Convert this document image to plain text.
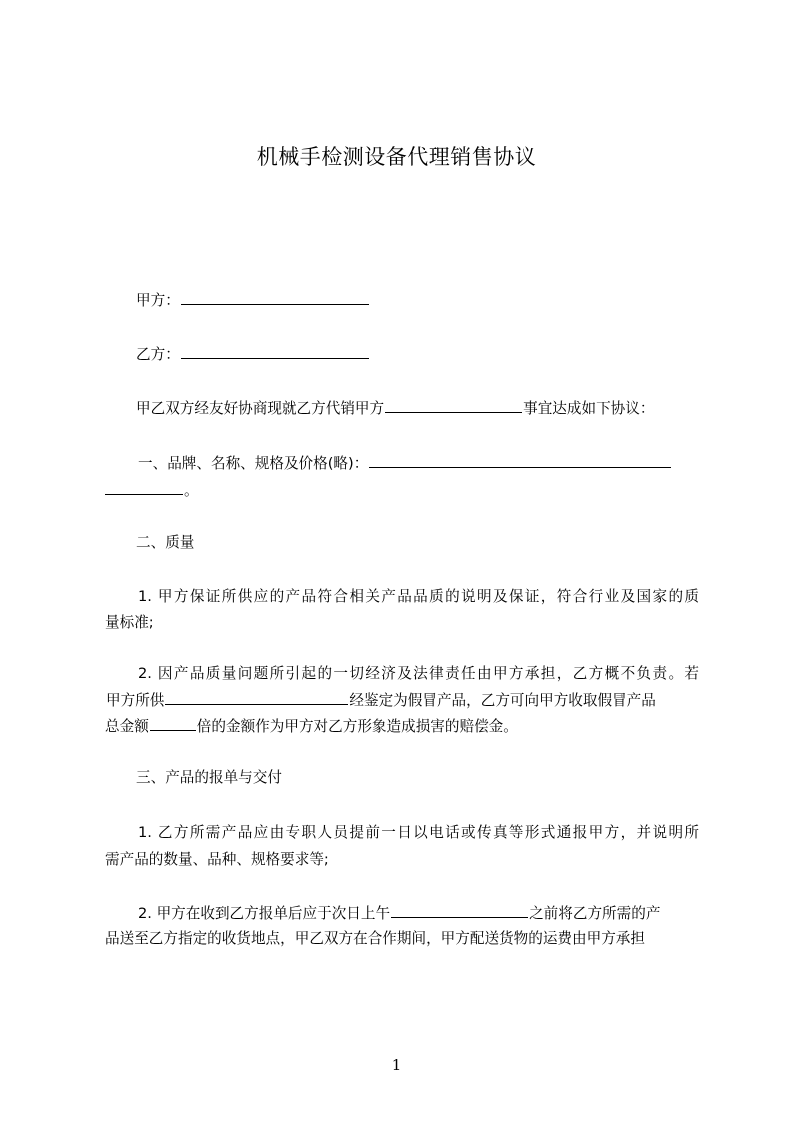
机械手检测设备代理销售协议
甲方：
乙方：
甲乙双方经友好协商现就乙方代销甲方	事宜达成如下协议：
一、品牌、名称、规格及价格(略)：
。
二、质量
1. 甲方保证所供应的产品符合相关产品品质的说明及保证，符合行业及国家的质
量标准;
2. 因产品质量问题所引起的一切经济及法律责任由甲方承担，乙方概不负责。若
甲方所供	经鉴定为假冒产品，乙方可向甲方收取假冒产品
总金额	倍的金额作为甲方对乙方形象造成损害的赔偿金。
三、产品的报单与交付
1. 乙方所需产品应由专职人员提前一日以电话或传真等形式通报甲方，并说明所
需产品的数量、品种、规格要求等;
2. 甲方在收到乙方报单后应于次日上午	之前将乙方所需的产
品送至乙方指定的收货地点，甲乙双方在合作期间，甲方配送货物的运费由甲方承担
1
